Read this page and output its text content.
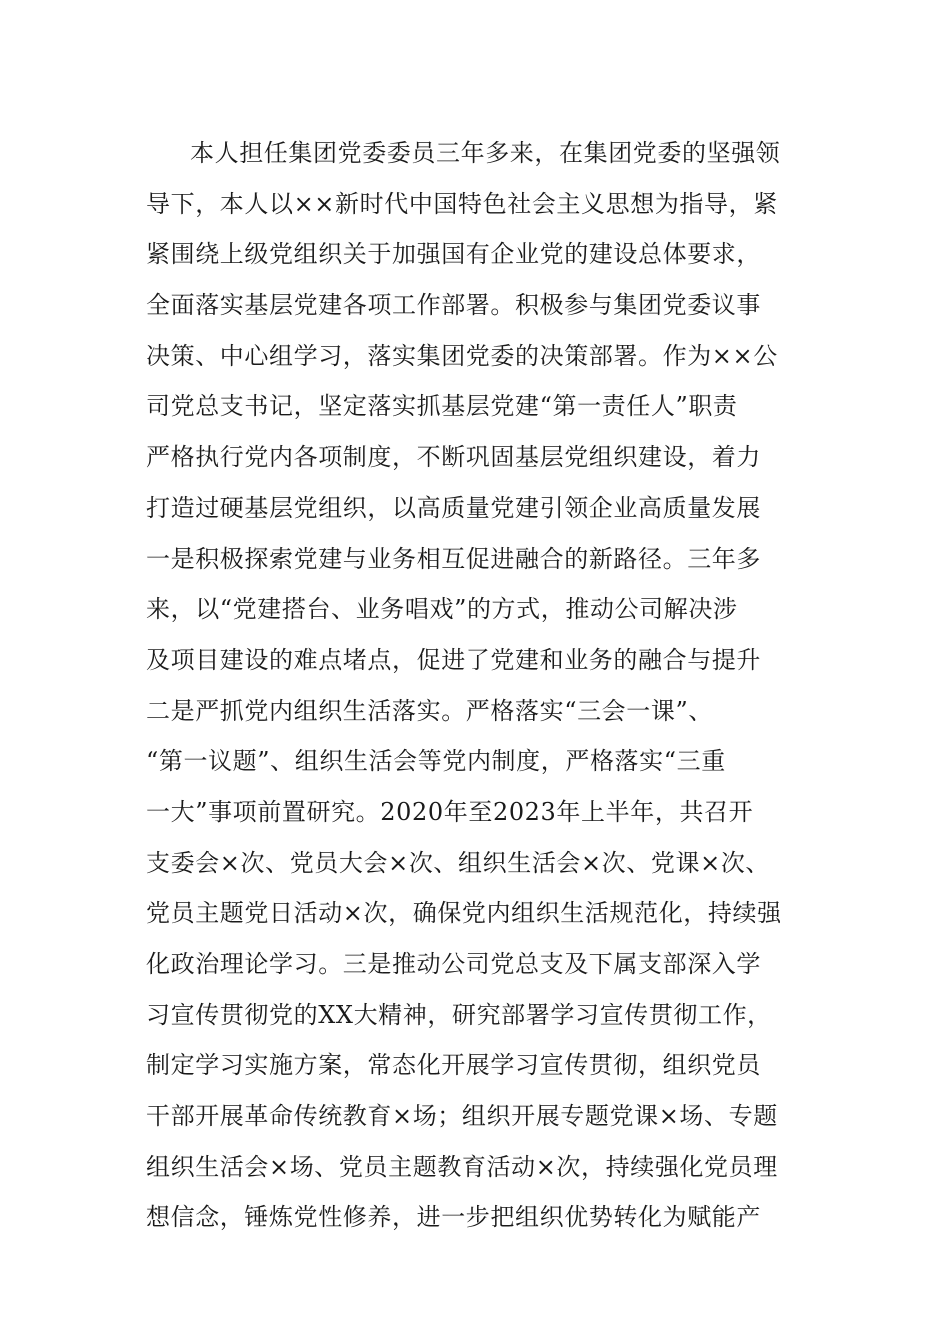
本人担任集团党委委员三年多来，在集团党委的坚强领
导下，本人以××新时代中国特色社会主义思想为指导，紧
紧围绕上级党组织关于加强国有企业党的建设总体要求，
全面落实基层党建各项工作部署。积极参与集团党委议事
决策、中心组学习，落实集团党委的决策部署。作为××公
司党总支书记，坚定落实抓基层党建“第一责任人”职责
严格执行党内各项制度，不断巩固基层党组织建设，着力
打造过硬基层党组织，以高质量党建引领企业高质量发展
一是积极探索党建与业务相互促进融合的新路径。三年多
来，以“党建搭台、业务唱戏”的方式，推动公司解决涉
及项目建设的难点堵点，促进了党建和业务的融合与提升
二是严抓党内组织生活落实。严格落实“三会一课”、
“第一议题”、组织生活会等党内制度，严格落实“三重
一大”事项前置研究。2020年至2023年上半年，共召开
支委会×次、党员大会×次、组织生活会×次、党课×次、
党员主题党日活动×次，确保党内组织生活规范化，持续强
化政治理论学习。三是推动公司党总支及下属支部深入学
习宣传贯彻党的XX大精神，研究部署学习宣传贯彻工作，
制定学习实施方案，常态化开展学习宣传贯彻，组织党员
干部开展革命传统教育×场；组织开展专题党课×场、专题
组织生活会×场、党员主题教育活动×次，持续强化党员理
想信念，锤炼党性修养，进一步把组织优势转化为赋能产
